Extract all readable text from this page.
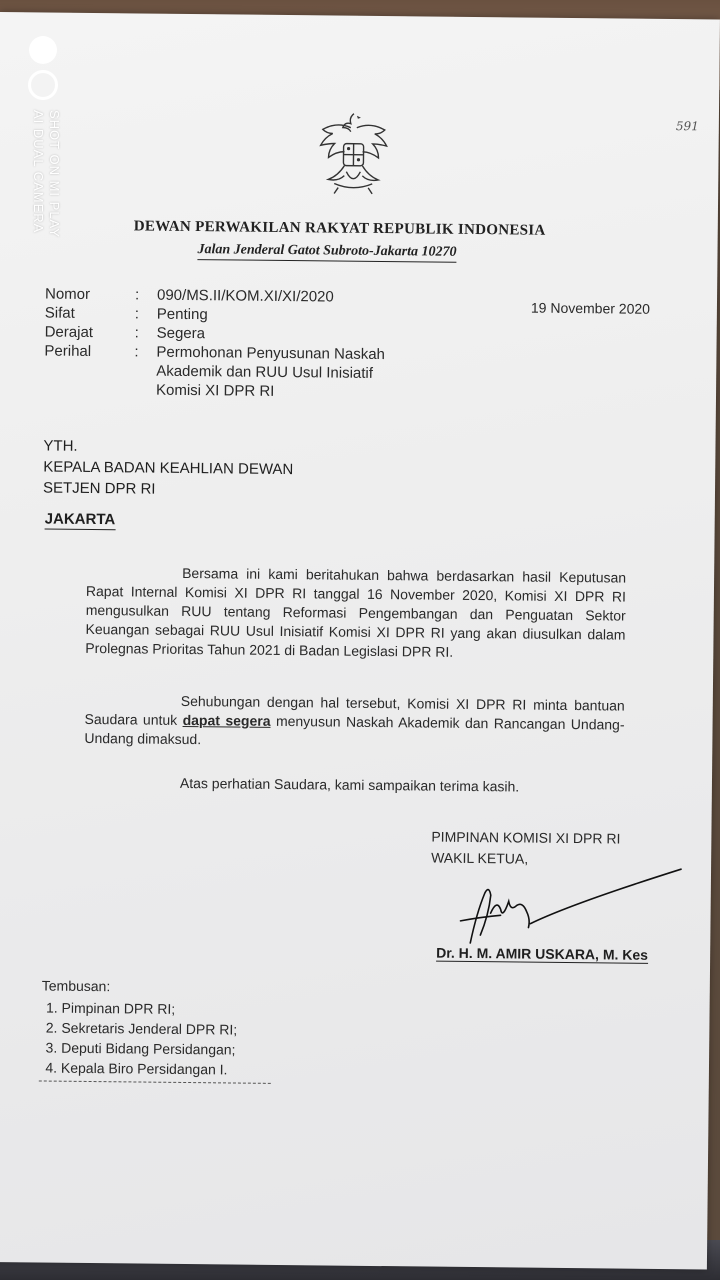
591
DEWAN PERWAKILAN RAKYAT REPUBLIK INDONESIA
Jalan Jenderal Gatot Subroto-Jakarta 10270
Nomor	:	090/MS.II/KOM.XI/XI/2020
Sifat	:	Penting
Derajat	:	Segera
Perihal	:	Permohonan Penyusunan Naskah Akademik dan RUU Usul Inisiatif Komisi XI DPR RI
19 November 2020
YTH.
KEPALA BADAN KEAHLIAN DEWAN
SETJEN DPR RI
JAKARTA
Bersama ini kami beritahukan bahwa berdasarkan hasil Keputusan Rapat Internal Komisi XI DPR RI tanggal 16 November 2020, Komisi XI DPR RI mengusulkan RUU tentang Reformasi Pengembangan dan Penguatan Sektor Keuangan sebagai RUU Usul Inisiatif Komisi XI DPR RI yang akan diusulkan dalam Prolegnas Prioritas Tahun 2021 di Badan Legislasi DPR RI.
Sehubungan dengan hal tersebut, Komisi XI DPR RI minta bantuan Saudara untuk dapat segera menyusun Naskah Akademik dan Rancangan Undang-Undang dimaksud.
Atas perhatian Saudara, kami sampaikan terima kasih.
PIMPINAN KOMISI XI DPR RI
WAKIL KETUA,
Dr. H. M. AMIR USKARA, M. Kes
Tembusan:
1. Pimpinan DPR RI;
2. Sekretaris Jenderal DPR RI;
3. Deputi Bidang Persidangan;
4. Kepala Biro Persidangan I.
SHOT ON MI PLAY
AI DUAL CAMERA
